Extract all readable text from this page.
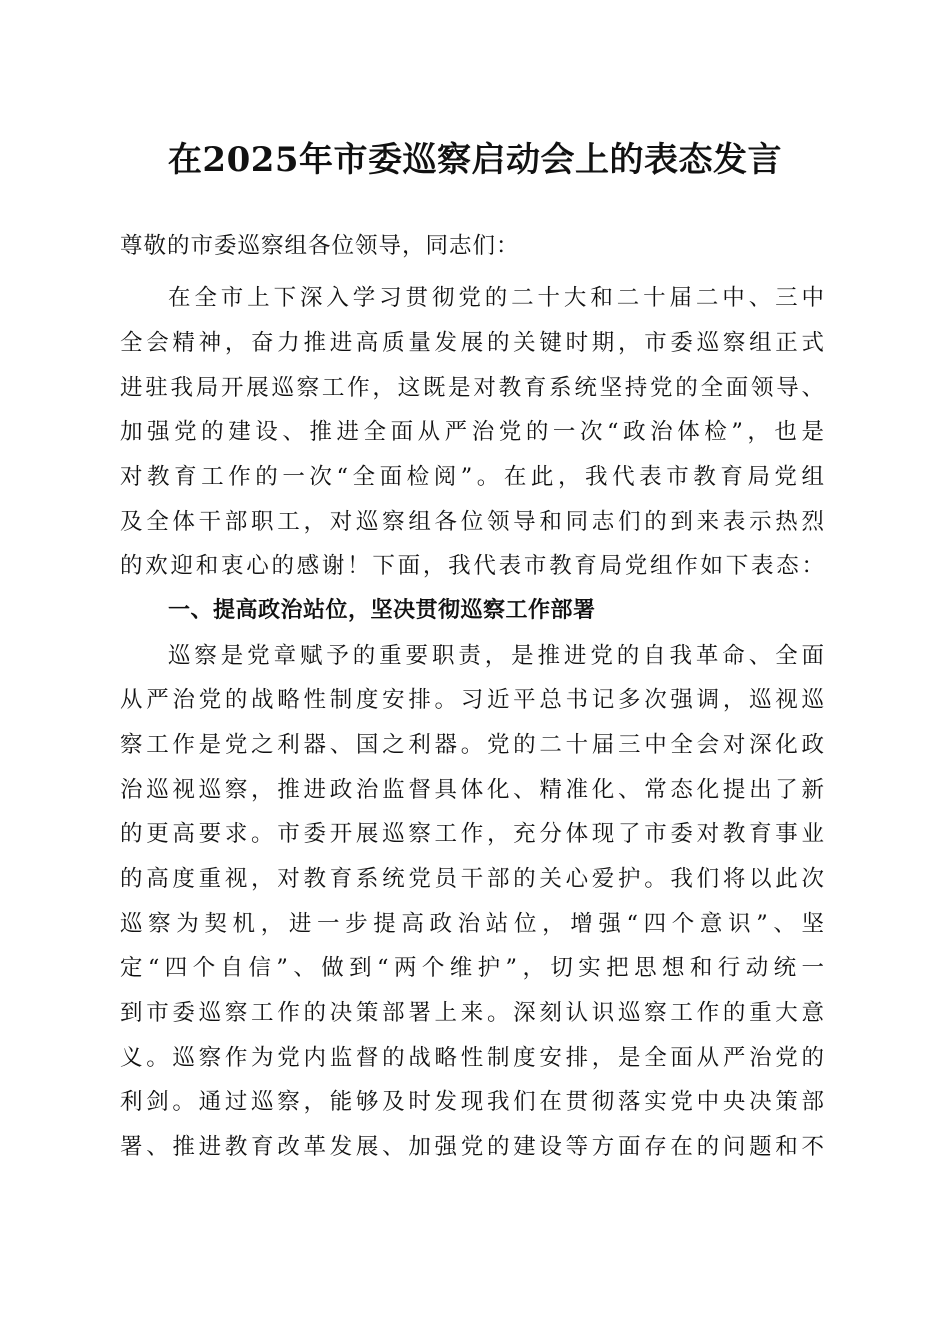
在2025年市委巡察启动会上的表态发言
尊敬的市委巡察组各位领导，同志们：
在全市上下深入学习贯彻党的二十大和二十届二中、三中
全会精神，奋力推进高质量发展的关键时期，市委巡察组正式
进驻我局开展巡察工作，这既是对教育系统坚持党的全面领导、
加强党的建设、推进全面从严治党的一次“政治体检”，也是
对教育工作的一次“全面检阅”。在此，我代表市教育局党组
及全体干部职工，对巡察组各位领导和同志们的到来表示热烈
的欢迎和衷心的感谢！下面，我代表市教育局党组作如下表态：
一、提高政治站位，坚决贯彻巡察工作部署
巡察是党章赋予的重要职责，是推进党的自我革命、全面
从严治党的战略性制度安排。习近平总书记多次强调，巡视巡
察工作是党之利器、国之利器。党的二十届三中全会对深化政
治巡视巡察，推进政治监督具体化、精准化、常态化提出了新
的更高要求。市委开展巡察工作，充分体现了市委对教育事业
的高度重视，对教育系统党员干部的关心爱护。我们将以此次
巡察为契机，进一步提高政治站位，增强“四个意识”、坚
定“四个自信”、做到“两个维护”，切实把思想和行动统一
到市委巡察工作的决策部署上来。深刻认识巡察工作的重大意
义。巡察作为党内监督的战略性制度安排，是全面从严治党的
利剑。通过巡察，能够及时发现我们在贯彻落实党中央决策部
署、推进教育改革发展、加强党的建设等方面存在的问题和不
